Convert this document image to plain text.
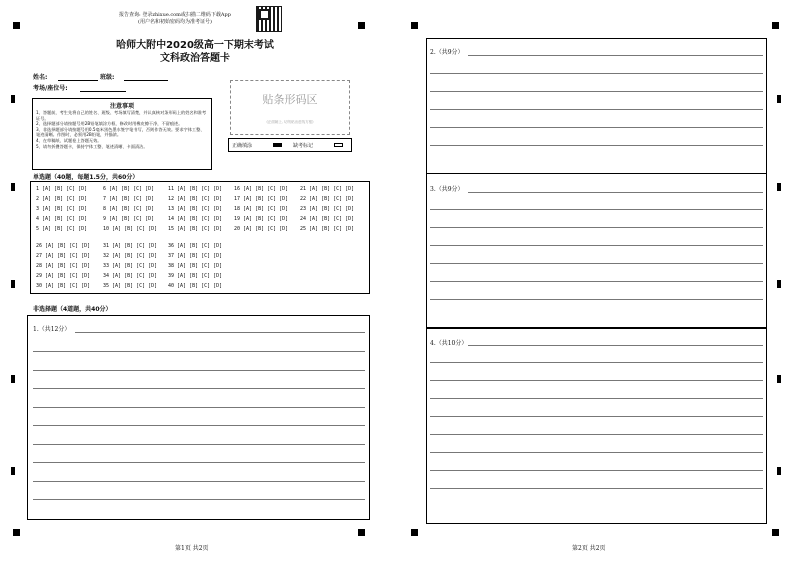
报告查询: 登录zhixue.com或扫描二维码下载App
(用户名和初始密码均为准考证号)
哈师大附中2020级高一下期末考试
文科政治答题卡
姓名:	班级:
考场/座位号:
注意事项
1、答题前，考生先将自己的姓名、班级、考场填写清楚，并认真核对条形码上的姓名和准考证号。
2、选择题部分请按题号用2B铅笔填涂方框，修改时用橡皮擦干净，不留痕迹。
3、非选择题部分请按题号用0.5毫米黑色墨水签字笔书写，否则作答无效。要求字体工整、笔迹清晰。作图时，必须用2B铅笔，并描浓。
4、在草稿纸、试题卷上答题无效。
5、请勿折叠答题卡，保持字体工整、笔迹清晰、卡面清洁。
贴条形码区
(正面朝上, 切勿贴出虚线方框)
正确填涂	缺考标记
单选题（40题，每题1.5分，共60分）
1 [A] [B] [C] [D]	6 [A] [B] [C] [D]	11 [A] [B] [C] [D] 16 [A] [B] [C] [D] 21 [A] [B] [C] [D]
2 [A] [B] [C] [D]	7 [A] [B] [C] [D]	12 [A] [B] [C] [D] 17 [A] [B] [C] [D] 22 [A] [B] [C] [D]
3 [A] [B] [C] [D]	8 [A] [B] [C] [D]	13 [A] [B] [C] [D] 18 [A] [B] [C] [D] 23 [A] [B] [C] [D]
4 [A] [B] [C] [D]	9 [A] [B] [C] [D]	14 [A] [B] [C] [D] 19 [A] [B] [C] [D] 24 [A] [B] [C] [D]
5 [A] [B] [C] [D]	10 [A] [B] [C] [D] 15 [A] [B] [C] [D] 20 [A] [B] [C] [D] 25 [A] [B] [C] [D]
26 [A] [B] [C] [D]	31 [A] [B] [C] [D] 36 [A] [B] [C] [D]
27 [A] [B] [C] [D]	32 [A] [B] [C] [D] 37 [A] [B] [C] [D]
28 [A] [B] [C] [D]	33 [A] [B] [C] [D] 38 [A] [B] [C] [D]
29 [A] [B] [C] [D]	34 [A] [B] [C] [D] 39 [A] [B] [C] [D]
30 [A] [B] [C] [D]	35 [A] [B] [C] [D] 40 [A] [B] [C] [D]
非选择题（4道题，共40分）
1.（共12分）
2.（共9分）
3.（共9分）
4.（共10分）
第1页 共2页	第2页 共2页
